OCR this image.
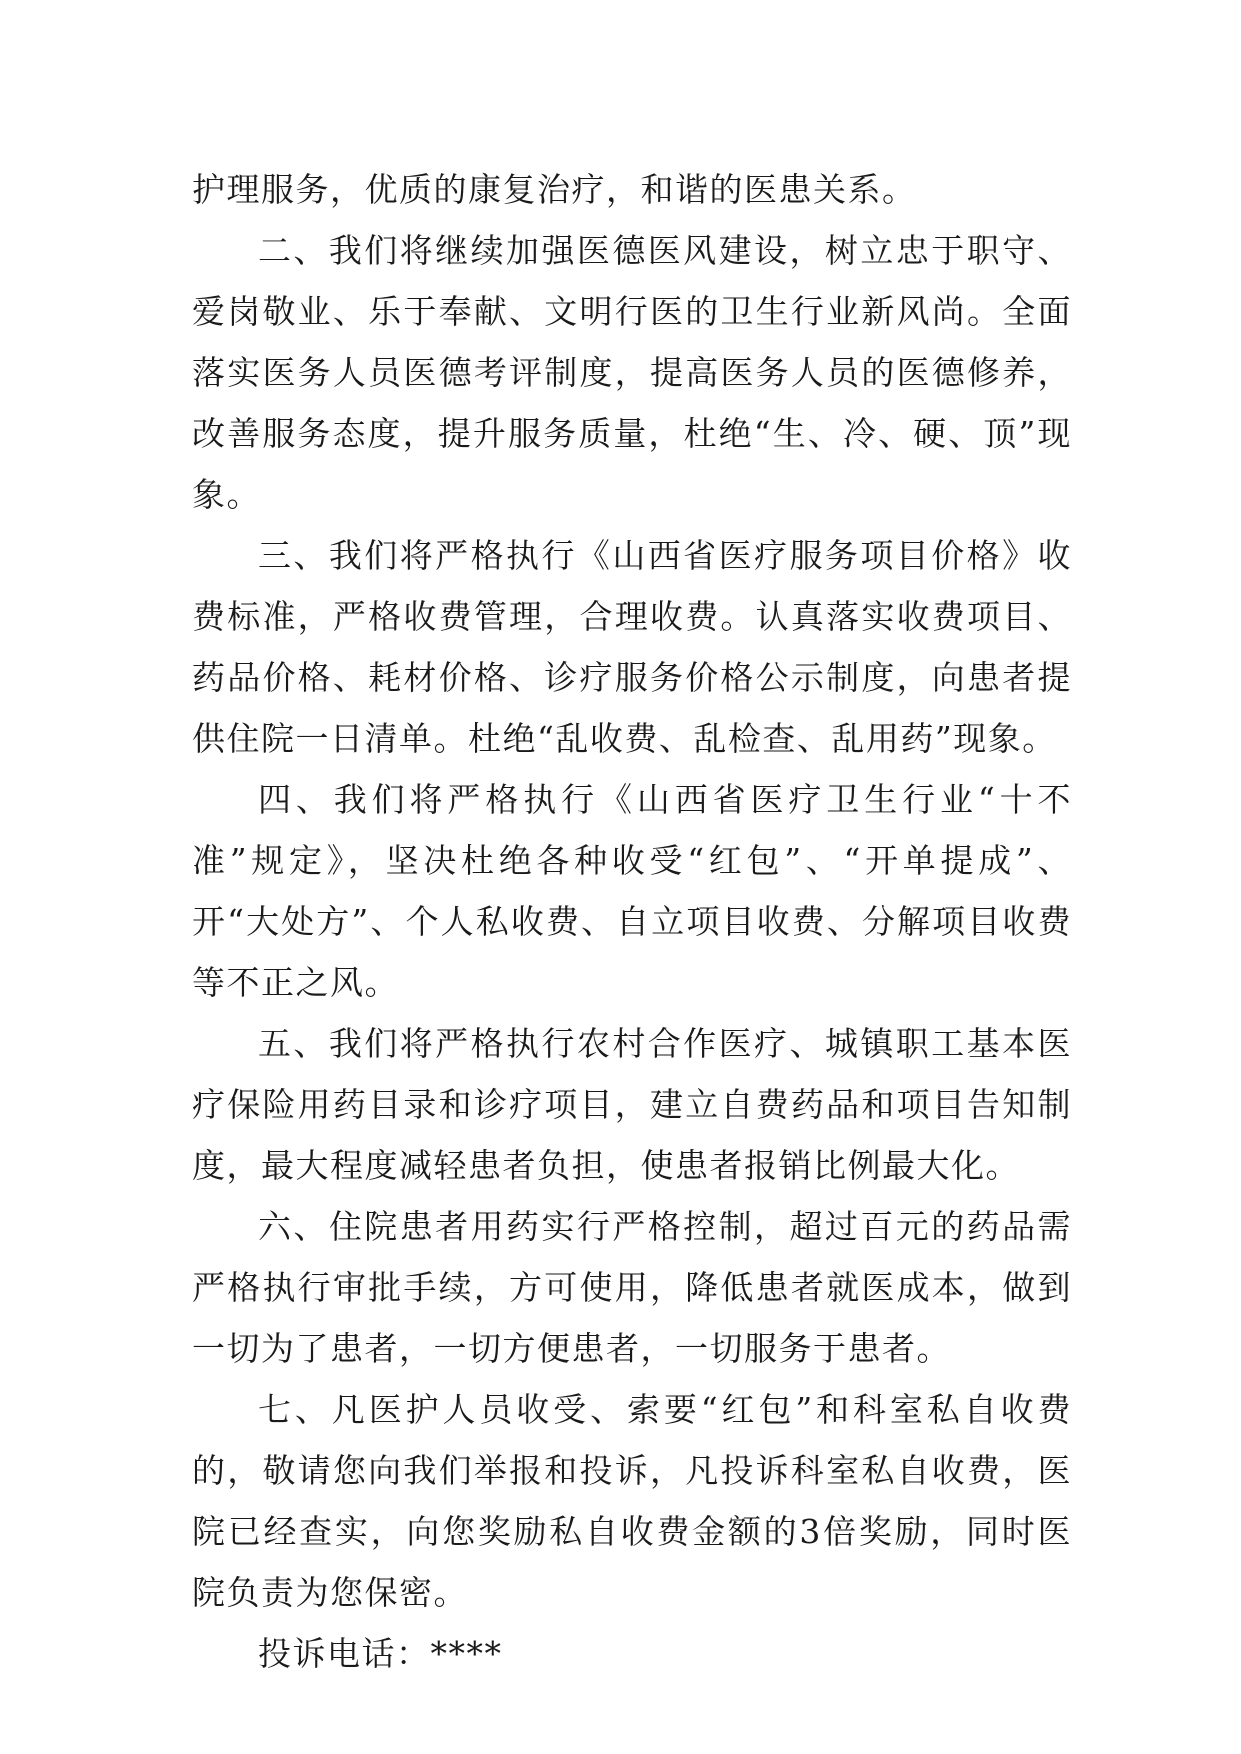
护理服务，优质的康复治疗，和谐的医患关系。

二、我们将继续加强医德医风建设，树立忠于职守、爱岗敬业、乐于奉献、文明行医的卫生行业新风尚。全面落实医务人员医德考评制度，提高医务人员的医德修养，改善服务态度，提升服务质量，杜绝“生、冷、硬、顶”现象。

三、我们将严格执行《山西省医疗服务项目价格》收费标准，严格收费管理，合理收费。认真落实收费项目、药品价格、耗材价格、诊疗服务价格公示制度，向患者提供住院一日清单。杜绝“乱收费、乱检查、乱用药”现象。

四、我们将严格执行《山西省医疗卫生行业“十不准”规定》，坚决杜绝各种收受“红包”、“开单提成”、开“大处方”、个人私收费、自立项目收费、分解项目收费等不正之风。

五、我们将严格执行农村合作医疗、城镇职工基本医疗保险用药目录和诊疗项目，建立自费药品和项目告知制度，最大程度减轻患者负担，使患者报销比例最大化。

六、住院患者用药实行严格控制，超过百元的药品需严格执行审批手续，方可使用，降低患者就医成本，做到一切为了患者，一切方便患者，一切服务于患者。

七、凡医护人员收受、索要“红包”和科室私自收费的，敬请您向我们举报和投诉，凡投诉科室私自收费，医院已经查实，向您奖励私自收费金额的3倍奖励，同时医院负责为您保密。

投诉电话：****
